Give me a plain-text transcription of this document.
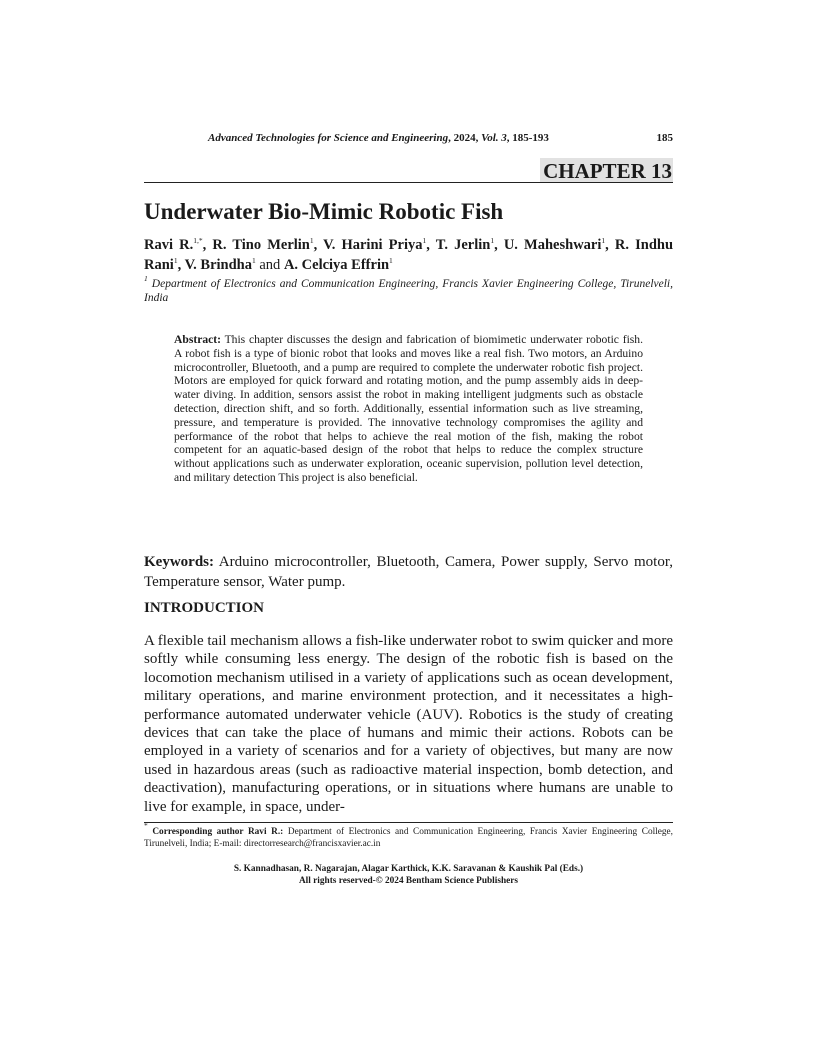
Advanced Technologies for Science and Engineering, 2024, Vol. 3, 185-193	185
CHAPTER 13
Underwater Bio-Mimic Robotic Fish
Ravi R.$^{1,*}$, R. Tino Merlin$^1$, V. Harini Priya$^1$, T. Jerlin$^1$, U. Maheshwari$^1$, R. Indhu Rani$^1$, V. Brindha$^1$ and A. Celciya Effrin$^1$
$^1$ Department of Electronics and Communication Engineering, Francis Xavier Engineering College, Tirunelveli, India
Abstract: This chapter discusses the design and fabrication of biomimetic underwater robotic fish. A robot fish is a type of bionic robot that looks and moves like a real fish. Two motors, an Arduino microcontroller, Bluetooth, and a pump are required to complete the underwater robotic fish project. Motors are employed for quick forward and rotating motion, and the pump assembly aids in deep-water diving. In addition, sensors assist the robot in making intelligent judgments such as obstacle detection, direction shift, and so forth. Additionally, essential information such as live streaming, pressure, and temperature is provided. The innovative technology compromises the agility and performance of the robot that helps to achieve the real motion of the fish, making the robot competent for an aquatic-based design of the robot that helps to reduce the complex structure without applications such as underwater exploration, oceanic supervision, pollution level detection, and military detection This project is also beneficial.
Keywords: Arduino microcontroller, Bluetooth, Camera, Power supply, Servo motor, Temperature sensor, Water pump.
INTRODUCTION
A flexible tail mechanism allows a fish-like underwater robot to swim quicker and more softly while consuming less energy. The design of the robotic fish is based on the locomotion mechanism utilised in a variety of applications such as ocean development, military operations, and marine environment protection, and it necessitates a high-performance automated underwater vehicle (AUV). Robotics is the study of creating devices that can take the place of humans and mimic their actions. Robots can be employed in a variety of scenarios and for a variety of objectives, but many are now used in hazardous areas (such as radioactive material inspection, bomb detection, and deactivation), manufacturing operations, or in situations where humans are unable to live for example, in space, under-
* Corresponding author Ravi R.: Department of Electronics and Communication Engineering, Francis Xavier Engineering College, Tirunelveli, India; E-mail: directorresearch@francisxavier.ac.in
S. Kannadhasan, R. Nagarajan, Alagar Karthick, K.K. Saravanan & Kaushik Pal (Eds.)
All rights reserved-© 2024 Bentham Science Publishers
